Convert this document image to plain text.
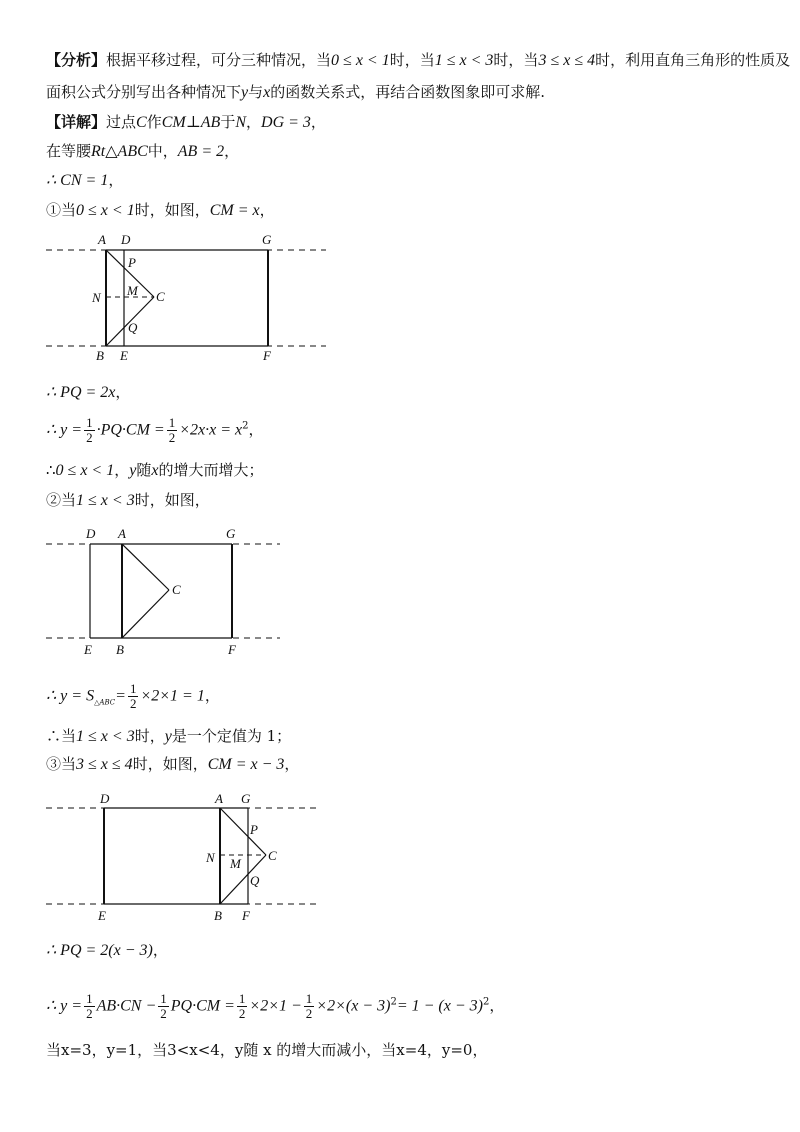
【分析】根据平移过程，可分三种情况，当0 ≤ x < 1时，当1 ≤ x < 3时，当3 ≤ x ≤ 4时，利用直角三角形的性质及
面积公式分别写出各种情况下y与x的函数关系式，再结合函数图象即可求解.
【详解】过点C作CM⊥AB于N，DG = 3，
在等腰Rt△ABC中，AB = 2，
∴ CN = 1，
①当0 ≤ x < 1时，如图，CM = x，
A D	G
P
N M C
Q
B E	F
∴ PQ = 2x，
∴ $y = \frac{1}{2} \cdot PQ\cdot CM = \frac{1}{2} \times 2x\cdot x = x^2$，
∴0 ≤ x < 1，y随x的增大而增大；
②当1 ≤ x < 3时，如图，
D A	G
C
E B	F
∴ $y = S_{\triangle ABC}= \frac{1}{2} \times 2\times 1 = 1$，
∴当1 ≤ x < 3时，y是一个定值为 1；
③当3 ≤ x ≤ 4时，如图，CM = x − 3，
D	A G
P
N M
C
Q
E	B F
∴ PQ = 2(x − 3)，
∴ $y = \frac{1}{2} AB\cdot CN - \frac{1}{2} PQ\cdot CM = \frac{1}{2} \times 2\times 1 - \frac{1}{2} \times 2\times(x - 3)^2= 1 - (x - 3)^2$，
当x=3，y=1，当3<x<4，y随 x 的增大而减小，当x=4，y=0，
